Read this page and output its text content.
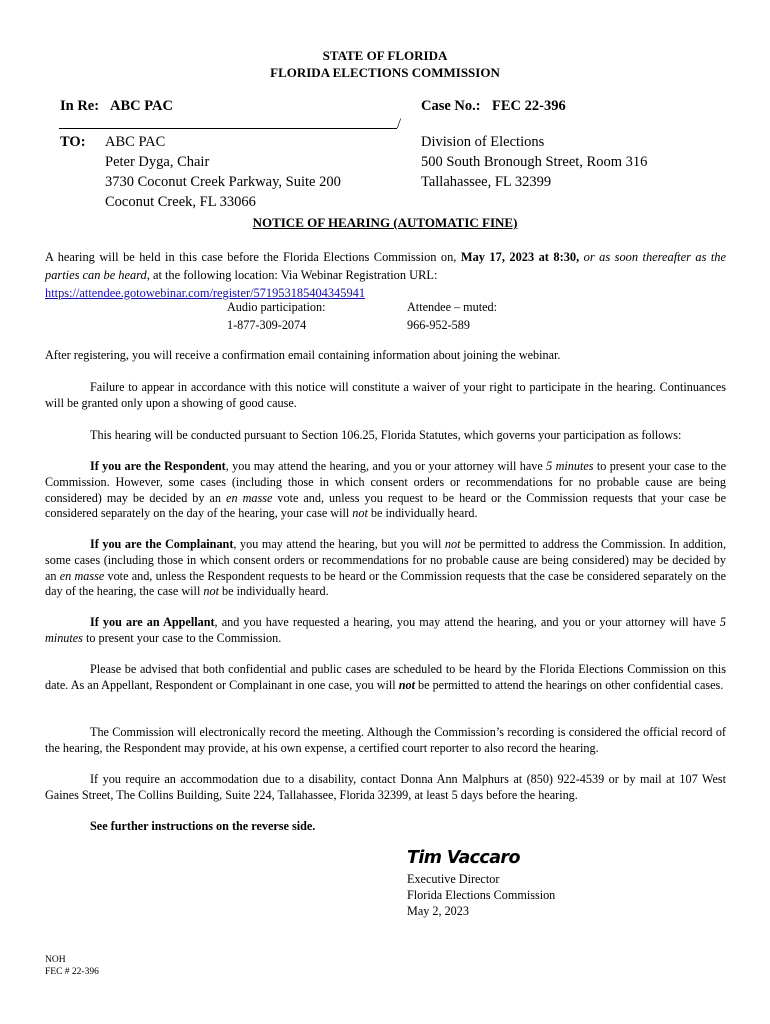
STATE OF FLORIDA
FLORIDA ELECTIONS COMMISSION
In Re: ABC PAC	Case No.: FEC 22-396
/
TO: ABC PAC
Peter Dyga, Chair
3730 Coconut Creek Parkway, Suite 200
Coconut Creek, FL 33066
Division of Elections
500 South Bronough Street, Room 316
Tallahassee, FL 32399
NOTICE OF HEARING (AUTOMATIC FINE)
A hearing will be held in this case before the Florida Elections Commission on, May 17, 2023 at 8:30, or as soon thereafter as the parties can be heard, at the following location: Via Webinar Registration URL:
https://attendee.gotowebinar.com/register/5719531854043459​41
Audio participation:
1-877-309-2074
Attendee – muted:
966-952-589
After registering, you will receive a confirmation email containing information about joining the webinar.
Failure to appear in accordance with this notice will constitute a waiver of your right to participate in the hearing. Continuances will be granted only upon a showing of good cause.
This hearing will be conducted pursuant to Section 106.25, Florida Statutes, which governs your participation as follows:
If you are the Respondent, you may attend the hearing, and you or your attorney will have 5 minutes to present your case to the Commission. However, some cases (including those in which consent orders or recommendations for no probable cause are being considered) may be decided by an en masse vote and, unless you request to be heard or the Commission requests that your case be considered separately on the day of the hearing, your case will not be individually heard.
If you are the Complainant, you may attend the hearing, but you will not be permitted to address the Commission. In addition, some cases (including those in which consent orders or recommendations for no probable cause are being considered) may be decided by an en masse vote and, unless the Respondent requests to be heard or the Commission requests that the case be considered separately on the day of the hearing, the case will not be individually heard.
If you are an Appellant, and you have requested a hearing, you may attend the hearing, and you or your attorney will have 5 minutes to present your case to the Commission.
Please be advised that both confidential and public cases are scheduled to be heard by the Florida Elections Commission on this date. As an Appellant, Respondent or Complainant in one case, you will not be permitted to attend the hearings on other confidential cases.
The Commission will electronically record the meeting. Although the Commission’s recording is considered the official record of the hearing, the Respondent may provide, at his own expense, a certified court reporter to also record the hearing.
If you require an accommodation due to a disability, contact Donna Ann Malphurs at (850) 922-4539 or by mail at 107 West Gaines Street, The Collins Building, Suite 224, Tallahassee, Florida 32399, at least 5 days before the hearing.
See further instructions on the reverse side.
Tim Vaccaro
Executive Director
Florida Elections Commission
May 2, 2023
NOH
FEC # 22-396
